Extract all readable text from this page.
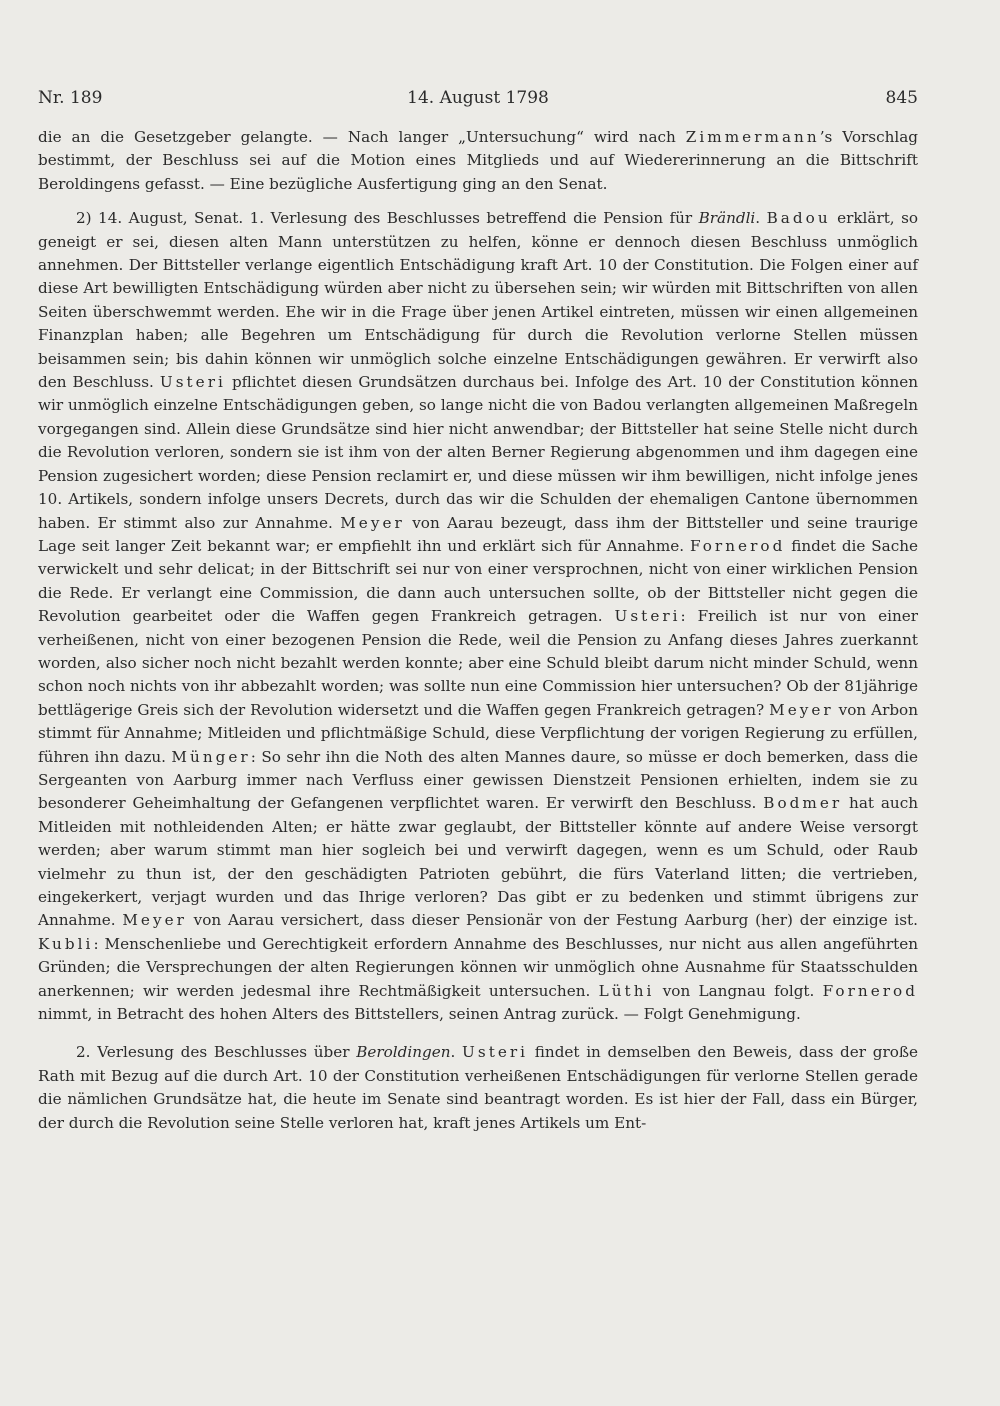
Nr. 189	14. August 1798	845

die an die Gesetzgeber gelangte. — Nach langer „Untersuchung“ wird nach Zimmermann’s Vorschlag bestimmt, der Beschluss sei auf die Motion eines Mitglieds und auf Wiedererinnerung an die Bittschrift Beroldingens gefasst. — Eine bezügliche Ausfertigung ging an den Senat.

2) 14. August, Senat. 1. Verlesung des Beschlusses betreffend die Pension für Brändli. Badou erklärt, so geneigt er sei, diesen alten Mann unterstützen zu helfen, könne er dennoch diesen Beschluss unmöglich annehmen. Der Bittsteller verlange eigentlich Entschädigung kraft Art. 10 der Constitution. Die Folgen einer auf diese Art bewilligten Entschädigung würden aber nicht zu übersehen sein; wir würden mit Bittschriften von allen Seiten überschwemmt werden. Ehe wir in die Frage über jenen Artikel eintreten, müssen wir einen allgemeinen Finanzplan haben; alle Begehren um Entschädigung für durch die Revolution verlorne Stellen müssen beisammen sein; bis dahin können wir unmöglich solche einzelne Entschädigungen gewähren. Er verwirft also den Beschluss. Usteri pflichtet diesen Grundsätzen durchaus bei. Infolge des Art. 10 der Constitution können wir unmöglich einzelne Entschädigungen geben, so lange nicht die von Badou verlangten allgemeinen Maßregeln vorgegangen sind. Allein diese Grundsätze sind hier nicht anwendbar; der Bittsteller hat seine Stelle nicht durch die Revolution verloren, sondern sie ist ihm von der alten Berner Regierung abgenommen und ihm dagegen eine Pension zugesichert worden; diese Pension reclamirt er, und diese müssen wir ihm bewilligen, nicht infolge jenes 10. Artikels, sondern infolge unsers Decrets, durch das wir die Schulden der ehemaligen Cantone übernommen haben. Er stimmt also zur Annahme. Meyer von Aarau bezeugt, dass ihm der Bittsteller und seine traurige Lage seit langer Zeit bekannt war; er empfiehlt ihn und erklärt sich für Annahme. Fornerod findet die Sache verwickelt und sehr delicat; in der Bittschrift sei nur von einer versprochnen, nicht von einer wirklichen Pension die Rede. Er verlangt eine Commission, die dann auch untersuchen sollte, ob der Bittsteller nicht gegen die Revolution gearbeitet oder die Waffen gegen Frankreich getragen. Usteri: Freilich ist nur von einer verheißenen, nicht von einer bezogenen Pension die Rede, weil die Pension zu Anfang dieses Jahres zuerkannt worden, also sicher noch nicht bezahlt werden konnte; aber eine Schuld bleibt darum nicht minder Schuld, wenn schon noch nichts von ihr abbezahlt worden; was sollte nun eine Commission hier untersuchen? Ob der 81jährige bettlägerige Greis sich der Revolution widersetzt und die Waffen gegen Frankreich getragen? Meyer von Arbon stimmt für Annahme; Mitleiden und pflichtmäßige Schuld, diese Verpflichtung der vorigen Regierung zu erfüllen, führen ihn dazu. Münger: So sehr ihn die Noth des alten Mannes daure, so müsse er doch bemerken, dass die Sergeanten von Aarburg immer nach Verfluss einer gewissen Dienstzeit Pensionen erhielten, indem sie zu besonderer Geheimhaltung der Gefangenen verpflichtet waren. Er verwirft den Beschluss. Bodmer hat auch Mitleiden mit nothleidenden Alten; er hätte zwar geglaubt, der Bittsteller könnte auf andere Weise versorgt werden; aber warum stimmt man hier sogleich bei und verwirft dagegen, wenn es um Schuld, oder Raub vielmehr zu thun ist, der den geschädigten Patrioten gebührt, die fürs Vaterland litten; die vertrieben, eingekerkert, verjagt wurden und das Ihrige verloren? Das gibt er zu bedenken und stimmt übrigens zur Annahme. Meyer von Aarau versichert, dass dieser Pensionär von der Festung Aarburg (her) der einzige ist. Kubli: Menschenliebe und Gerechtigkeit erfordern Annahme des Beschlusses, nur nicht aus allen angeführten Gründen; die Versprechungen der alten Regierungen können wir unmöglich ohne Ausnahme für Staatsschulden anerkennen; wir werden jedesmal ihre Rechtmäßigkeit untersuchen. Lüthi von Langnau folgt. Fornerod nimmt, in Betracht des hohen Alters des Bittstellers, seinen Antrag zurück. — Folgt Genehmigung.

2. Verlesung des Beschlusses über Beroldingen. Usteri findet in demselben den Beweis, dass der große Rath mit Bezug auf die durch Art. 10 der Constitution verheißenen Entschädigungen für verlorne Stellen gerade die nämlichen Grundsätze hat, die heute im Senate sind beantragt worden. Es ist hier der Fall, dass ein Bürger, der durch die Revolution seine Stelle verloren hat, kraft jenes Artikels um Ent-
